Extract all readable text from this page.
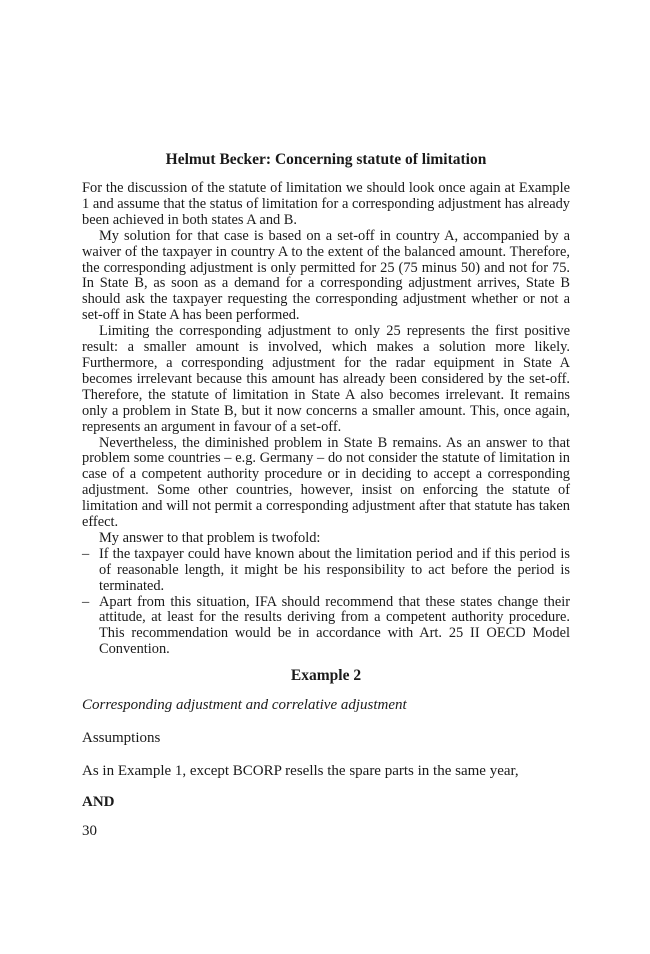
Helmut Becker: Concerning statute of limitation

For the discussion of the statute of limitation we should look once again at Example 1 and assume that the status of limitation for a corresponding adjustment has already been achieved in both states A and B.

My solution for that case is based on a set-off in country A, accompanied by a waiver of the taxpayer in country A to the extent of the balanced amount. Therefore, the corresponding adjustment is only permitted for 25 (75 minus 50) and not for 75. In State B, as soon as a demand for a corresponding adjustment arrives, State B should ask the taxpayer requesting the corresponding adjustment whether or not a set-off in State A has been performed.

Limiting the corresponding adjustment to only 25 represents the first positive result: a smaller amount is involved, which makes a solution more likely. Furthermore, a corresponding adjustment for the radar equipment in State A becomes irrelevant because this amount has already been considered by the set-off. Therefore, the statute of limitation in State A also becomes irrelevant. It remains only a problem in State B, but it now concerns a smaller amount. This, once again, represents an argument in favour of a set-off.

Nevertheless, the diminished problem in State B remains. As an answer to that problem some countries – e.g. Germany – do not consider the statute of limitation in case of a competent authority procedure or in deciding to accept a corresponding adjustment. Some other countries, however, insist on enforcing the statute of limitation and will not permit a corresponding adjustment after that statute has taken effect.

My answer to that problem is twofold:

– If the taxpayer could have known about the limitation period and if this period is of reasonable length, it might be his responsibility to act before the period is terminated.
– Apart from this situation, IFA should recommend that these states change their attitude, at least for the results deriving from a competent authority procedure. This recommendation would be in accordance with Art. 25 II OECD Model Convention.
Example 2
Corresponding adjustment and correlative adjustment
Assumptions
As in Example 1, except BCORP resells the spare parts in the same year,
AND
30
